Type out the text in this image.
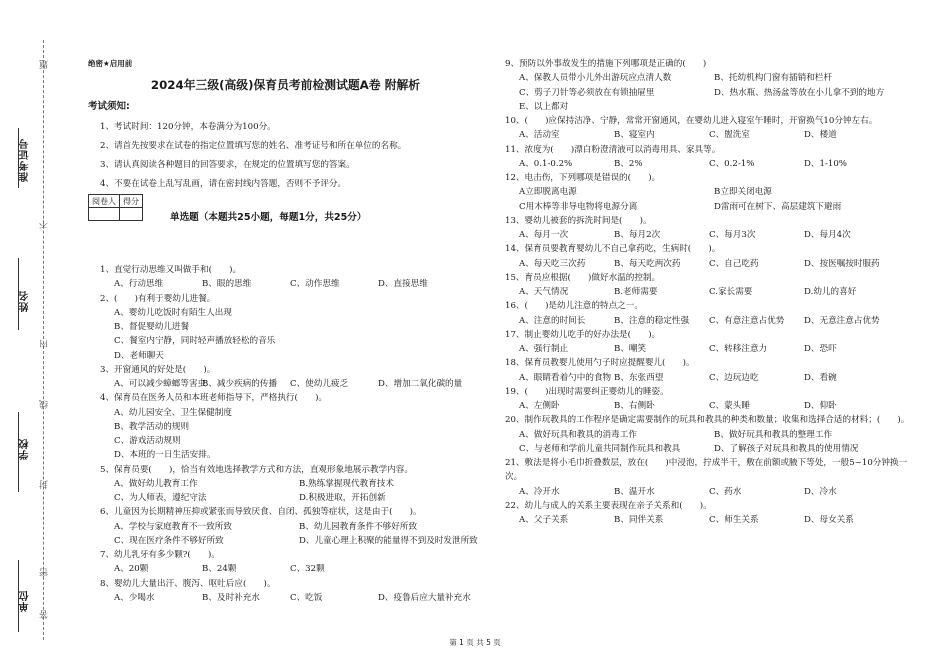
准考证号
姓名
学校
单位
题
不
内
线
封
密
答
绝密★启用前
2024年三级(高级)保育员考前检测试题A卷 附解析
考试须知:
1、考试时间：120分钟，本卷满分为100分。
2、请首先按要求在试卷的指定位置填写您的姓名、准考证号和所在单位的名称。
3、请认真阅读各种题目的回答要求，在规定的位置填写您的答案。
4、不要在试卷上乱写乱画，请在密封线内答题，否则不予评分。
阅卷人	得分

单选题（本题共25小题，每题1分，共25分）
1、直觉行动思维又叫做手和(　　)。
A、行动思维	B、眼的思维	C、动作思维	D、直接思维
2、(　　)有利于婴幼儿进餐。
A、婴幼儿吃饭时有陌生人出现
B、督促婴幼儿进餐
C、餐室内宁静，同时轻声播放轻松的音乐
D、老师聊天
3、开窗通风的好处是(　　)。
A、可以减少蟑螂等害虫B、减少疾病的传播 C、使幼儿疲乏	D、增加二氧化碳的量
4、保育员在医务人员和本班老师指导下，严格执行(　　)。
A、幼儿园安全、卫生保健制度
B、教学活动的规则
C、游戏活动规则
D、本班的一日生活安排。
5、保育员要(　　)，恰当有效地选择教学方式和方法，直观形象地展示教学内容。
A、做好幼儿教育工作	B.熟练掌握现代教育技术
C、为人师表，遵纪守法	D.积极进取，开拓创新
6、儿童因为长期精神压抑或紧张而导致厌食、自闭、孤独等症状，这是由于(　　)。
A、学校与家庭教育不一致所致	B、幼儿园教育条件不够好所致
C、现在医疗条件不够好所致	D、儿童心理上积聚的能量得不到及时发泄所致
7、幼儿乳牙有多少颗?(　　)。
A、20颗	B、24颗	C、32颗
8、婴幼儿大量出汗、腹泻、呕吐后应(　　)。
A、少喝水	B、及时补充水	C、吃饭	D、疫鲁后应大量补充水
9、预防以外事故发生的措施下列哪项是正确的(　　)
A、保教人员带小儿外出游玩应点清人数	B、托幼机构门窗有插销和栏杆
C、剪子刀针等必须放在有锁抽屉里	D、热水瓶、热汤盆等放在小儿拿不到的地方
E、以上都对
10、(　　)应保持洁净、宁静，常常开窗通风，在婴幼儿进入寝室午睡时，开窗换气10分钟左右。
A、活动室	B、寝室内	C、盥洗室	D、楼道
11、浓度为(　　)漂白粉澄清液可以消毒用具、家具等。
A、0.1-0.2%	B、2%	C、0.2-1%	D、1-10%
12、电击伤，下列哪项是错误的(　　)。
A立即脱离电源	B立即关闭电源
C用木棒等非导电物将电源分离	D雷雨可在树下、高层建筑下避雨
13、婴幼儿被套的拆洗时间是(　　)。
A、每月一次	B、每月2次	C、每月3次	D、每月4次
14、保育员要教育婴幼儿不自己拿药吃，生病时(　　)。
A、每天吃三次药	B、每天吃两次药	C、自己吃药	D、按医嘱按时服药
15、育员应根据(　　)做好水温的控制。
A、天气情况	B.老师需要	C.家长需要	D.幼儿的喜好
16、(　　)是幼儿注意的特点之一。
A、注意的时间长	B、注意的稳定性强 C、有意注意占优势 D、无意注意占优势
17、制止婴幼儿吃手的好办法是(　　)。
A、强行制止	B、嘲笑	C、转移注意力	D、恐吓
18、保育员教婴儿使用勺子时应提醒婴儿(　　)。
A、眼睛看着勺中的食物 B、东张西望	C、边玩边吃	D、看碗
19、(　　)出现时需要纠正婴幼儿的睡姿。
A、左侧卧	B、右侧卧	C、蒙头睡	D、仰卧
20、制作玩教具的工作程序是确定需要制作的玩具和教具的种类和数量；收集和选择合适的材料；(　　)。
A、做好玩具和教具的消毒工作	B、做好玩具和教具的整理工作
C、与老师和学前儿童共同制作玩具和教具	D、了解孩子对玩具和教具的使用情况
21、敷法是将小毛巾折叠数层，放在(　　)中浸泡，拧成半干，敷在前额或腋下等处，一般5~10分钟换一次。
A、冷开水	B、温开水	C、药水	D、冷水
22、幼儿与成人的关系主要表现在亲子关系和(　　)。
A、父子关系	B、同伴关系	C、师生关系	D、母女关系
第 1 页 共 5 页
